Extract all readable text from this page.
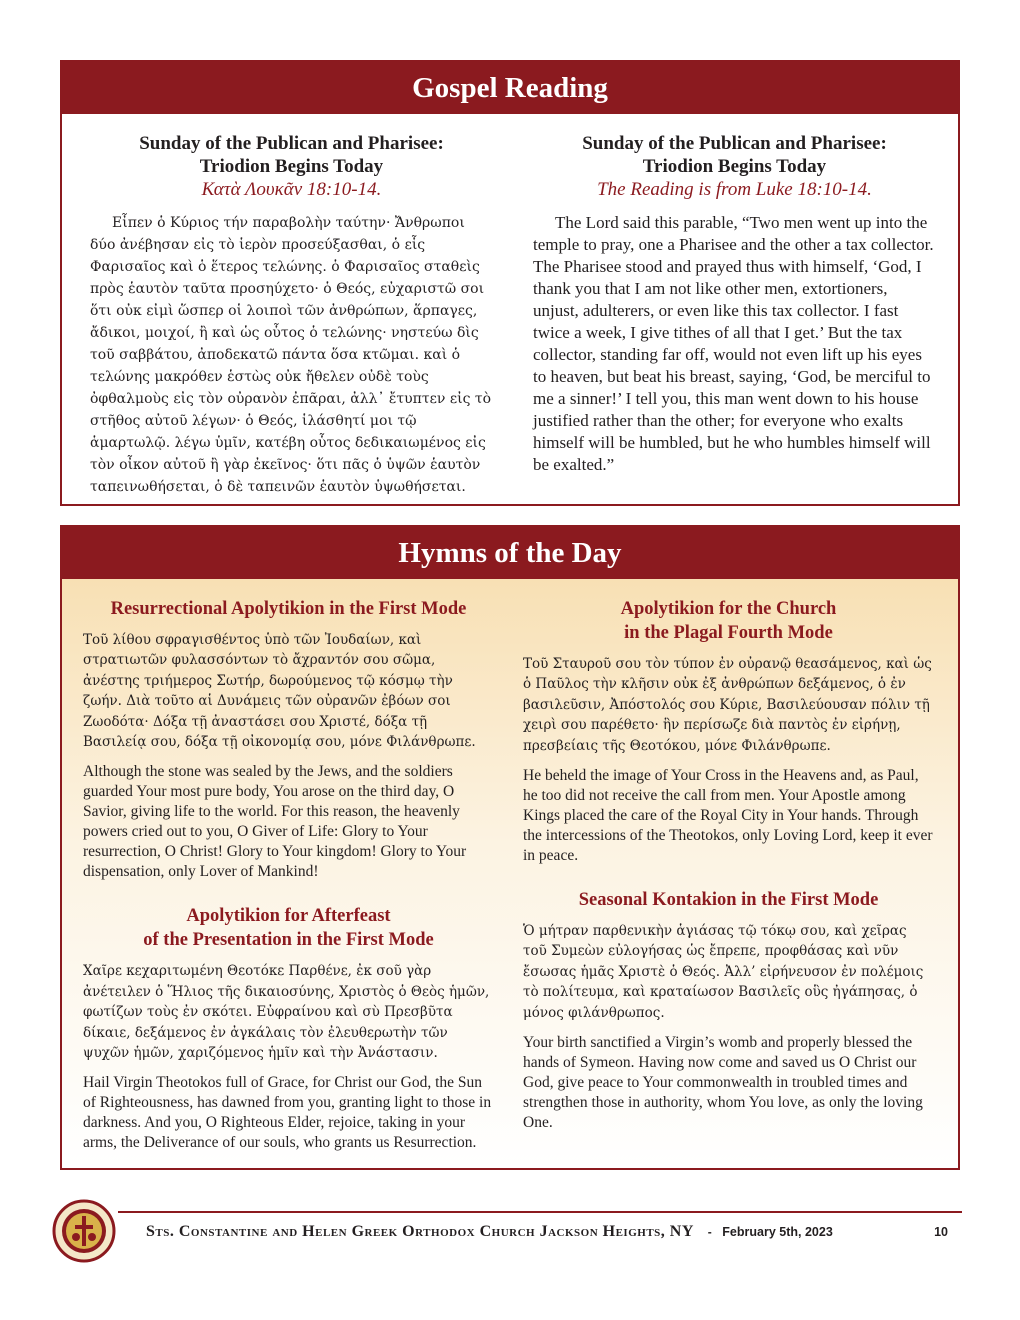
Gospel Reading
Sunday of the Publican and Pharisee:
Triodion Begins Today
Κατὰ Λουκᾶν 18:10-14.

Εἶπεν ὁ Κύριος τήν παραβολὴν ταύτην· Ἄνθρωποι δύο ἀνέβησαν εἰς τὸ ἱερὸν προσεύξασθαι, ὁ εἷς Φαρισαῖος καὶ ὁ ἕτερος τελώνης. ὁ Φαρισαῖος σταθεὶς πρὸς ἑαυτὸν ταῦτα προσηύχετο· ὁ Θεός, εὐχαριστῶ σοι ὅτι οὐκ εἰμὶ ὥσπερ οἱ λοιποὶ τῶν ἀνθρώπων, ἅρπαγες, ἄδικοι, μοιχοί, ἢ καὶ ὡς οὗτος ὁ τελώνης· νηστεύω δὶς τοῦ σαββάτου, ἀποδεκατῶ πάντα ὅσα κτῶμαι. καὶ ὁ τελώνης μακρόθεν ἑστὼς οὐκ ἤθελεν οὐδὲ τοὺς ὀφθαλμοὺς εἰς τὸν οὐρανὸν ἐπᾶραι, ἀλλ᾿ ἔτυπτεν εἰς τὸ στῆθος αὐτοῦ λέγων· ὁ Θεός, ἱλάσθητί μοι τῷ ἁμαρτωλῷ. λέγω ὑμῖν, κατέβη οὗτος δεδικαιωμένος εἰς τὸν οἶκον αὐτοῦ ἢ γὰρ ἐκεῖνος· ὅτι πᾶς ὁ ὑψῶν ἑαυτὸν ταπεινωθήσεται, ὁ δὲ ταπεινῶν ἑαυτὸν ὑψωθήσεται.

Sunday of the Publican and Pharisee:
Triodion Begins Today
The Reading is from Luke 18:10-14.

The Lord said this parable, “Two men went up into the temple to pray, one a Pharisee and the other a tax collector. The Pharisee stood and prayed thus with himself, ‘God, I thank you that I am not like other men, extortioners, unjust, adulterers, or even like this tax collector. I fast twice a week, I give tithes of all that I get.’ But the tax collector, standing far off, would not even lift up his eyes to heaven, but beat his breast, saying, ‘God, be merciful to me a sinner!’ I tell you, this man went down to his house justified rather than the other; for everyone who exalts himself will be humbled, but he who humbles himself will be exalted.”

Hymns of the Day
Resurrectional Apolytikion in the First Mode

Τοῦ λίθου σφραγισθέντος ὑπὸ τῶν Ἰουδαίων, καὶ στρατιωτῶν φυλασσόντων τὸ ἄχραντόν σου σῶμα, ἀνέστης τριήμερος Σωτήρ, δωρούμενος τῷ κόσμῳ τὴν ζωήν. Διὰ τοῦτο αἱ Δυνάμεις τῶν οὐρανῶν ἐβόων σοι Ζωοδότα· Δόξα τῇ ἀναστάσει σου Χριστέ, δόξα τῇ Βασιλείᾳ σου, δόξα τῇ οἰκονομίᾳ σου, μόνε Φιλάνθρωπε.

Although the stone was sealed by the Jews, and the soldiers guarded Your most pure body, You arose on the third day, O Savior, giving life to the world. For this reason, the heavenly powers cried out to you, O Giver of Life: Glory to Your resurrection, O Christ! Glory to Your kingdom! Glory to Your dispensation, only Lover of Mankind!

Apolytikion for Afterfeast
of the Presentation in the First Mode

Χαῖρε κεχαριτωμένη Θεοτόκε Παρθένε, ἐκ σοῦ γὰρ ἀνέτειλεν ὁ Ἥλιος τῆς δικαιοσύνης, Χριστὸς ὁ Θεὸς ἡμῶν, φωτίζων τοὺς ἐν σκότει. Εὐφραίνου καὶ σὺ Πρεσβῦτα δίκαιε, δεξάμενος ἐν ἀγκάλαις τὸν ἐλευθερωτὴν τῶν ψυχῶν ἡμῶν, χαριζόμενος ἡμῖν καὶ τὴν Ἀνάστασιν.

Hail Virgin Theotokos full of Grace, for Christ our God, the Sun of Righteousness, has dawned from you, granting light to those in darkness. And you, O Righteous Elder, rejoice, taking in your arms, the Deliverance of our souls, who grants us Resurrection.

Apolytikion for the Church
in the Plagal Fourth Mode

Τοῦ Σταυροῦ σου τὸν τύπον ἐν οὐρανῷ θεασάμενος, καὶ ὡς ὁ Παῦλος τὴν κλῆσιν οὐκ ἐξ ἀνθρώπων δεξάμενος, ὁ ἐν βασιλεῦσιν, Ἀπόστολός σου Κύριε, Βασιλεύουσαν πόλιν τῇ χειρὶ σου παρέθετο· ἣν περίσωζε διὰ παντὸς ἐν εἰρήνῃ, πρεσβείαις τῆς Θεοτόκου, μόνε Φιλάνθρωπε.

He beheld the image of Your Cross in the Heavens and, as Paul, he too did not receive the call from men. Your Apostle among Kings placed the care of the Royal City in Your hands. Through the intercessions of the Theotokos, only Loving Lord, keep it ever in peace.

Seasonal Kontakion in the First Mode

Ὁ μήτραν παρθενικὴν ἁγιάσας τῷ τόκῳ σου, καὶ χεῖρας τοῦ Συμεὼν εὐλογήσας ὡς ἔπρεπε, προφθάσας καὶ νῦν ἔσωσας ἡμᾶς Χριστὲ ὁ Θεός. Ἀλλ’ εἰρήνευσον ἐν πολέμοις τὸ πολίτευμα, καὶ κραταίωσον Βασιλεῖς οὓς ἠγάπησας, ὁ μόνος φιλάνθρωπος.

Your birth sanctified a Virgin’s womb and properly blessed the hands of Symeon. Having now come and saved us O Christ our God, give peace to Your commonwealth in troubled times and strengthen those in authority, whom You love, as only the loving One.

Sts. Constantine and Helen Greek Orthodox Church Jackson Heights, NY - February 5th, 2023	10
